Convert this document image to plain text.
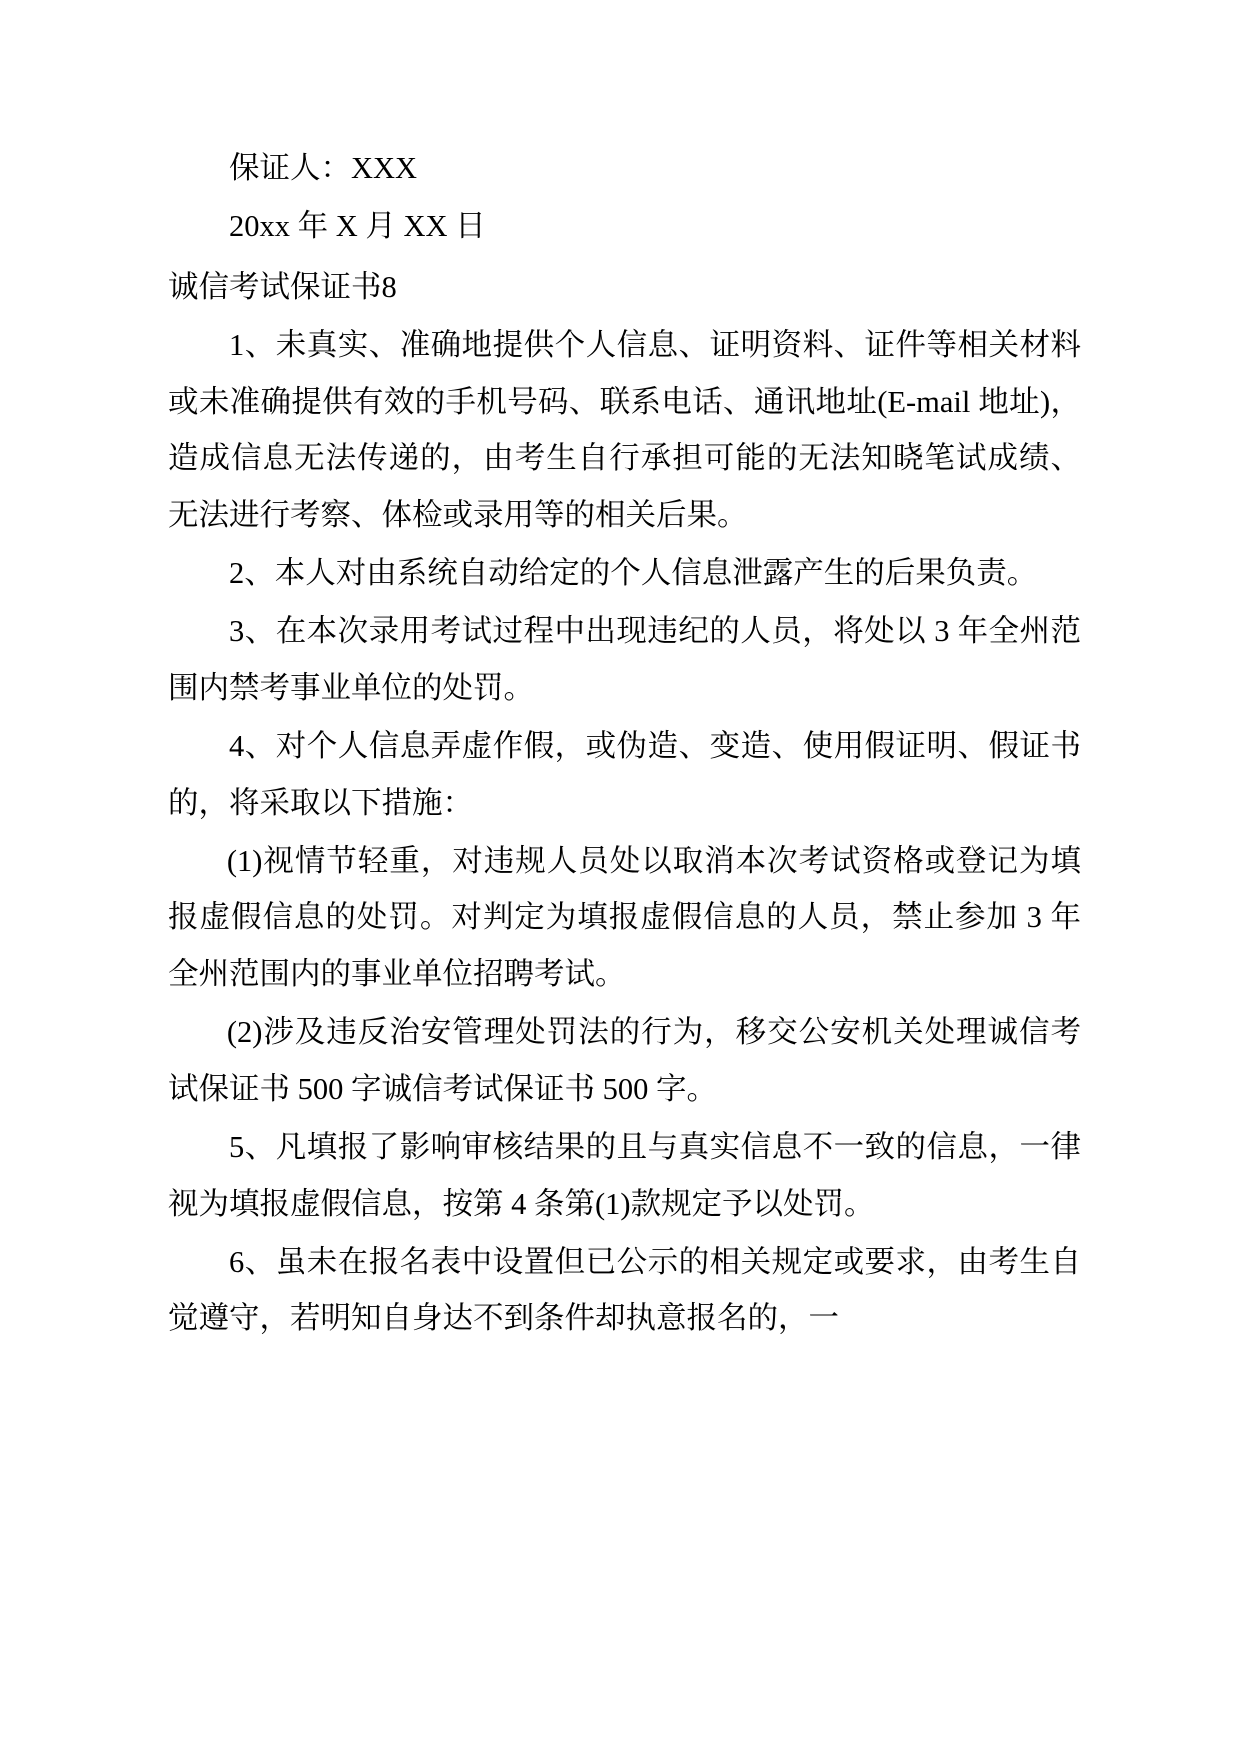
保证人：XXX

20xx 年 X 月 XX 日

诚信考试保证书8

1、未真实、准确地提供个人信息、证明资料、证件等相关材料或未准确提供有效的手机号码、联系电话、通讯地址(E-mail 地址)，造成信息无法传递的，由考生自行承担可能的无法知晓笔试成绩、无法进行考察、体检或录用等的相关后果。

2、本人对由系统自动给定的个人信息泄露产生的后果负责。

3、在本次录用考试过程中出现违纪的人员，将处以 3 年全州范围内禁考事业单位的处罚。

4、对个人信息弄虚作假，或伪造、变造、使用假证明、假证书的，将采取以下措施：

(1)视情节轻重，对违规人员处以取消本次考试资格或登记为填报虚假信息的处罚。对判定为填报虚假信息的人员，禁止参加 3 年全州范围内的事业单位招聘考试。

(2)涉及违反治安管理处罚法的行为，移交公安机关处理诚信考试保证书 500 字诚信考试保证书 500 字。

5、凡填报了影响审核结果的且与真实信息不一致的信息，一律视为填报虚假信息，按第 4 条第(1)款规定予以处罚。

6、虽未在报名表中设置但已公示的相关规定或要求，由考生自觉遵守，若明知自身达不到条件却执意报名的，一
